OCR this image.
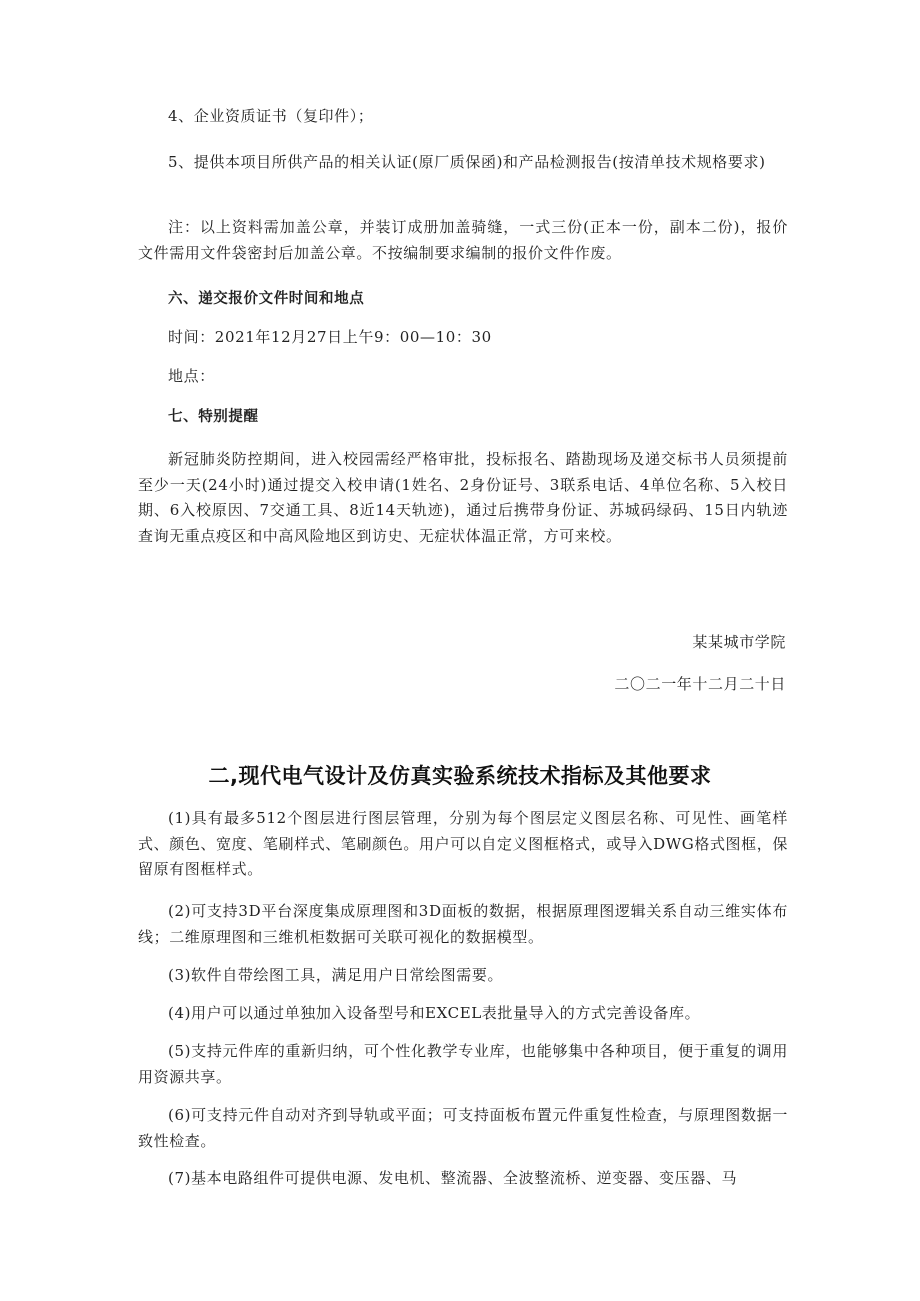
4、企业资质证书（复印件）；

5、提供本项目所供产品的相关认证(原厂质保函)和产品检测报告(按清单技术规格要求)

注：以上资料需加盖公章，并装订成册加盖骑缝，一式三份(正本一份，副本二份)，报价文件需用文件袋密封后加盖公章。不按编制要求编制的报价文件作废。

六、递交报价文件时间和地点

时间：2021年12月27日上午9：00—10：30

地点：

七、特别提醒

新冠肺炎防控期间，进入校园需经严格审批，投标报名、踏勘现场及递交标书人员须提前至少一天(24小时)通过提交入校申请(1姓名、2身份证号、3联系电话、4单位名称、5入校日期、6入校原因、7交通工具、8近14天轨迹)，通过后携带身份证、苏城码绿码、15日内轨迹查询无重点疫区和中高风险地区到访史、无症状体温正常，方可来校。

某某城市学院

二〇二一年十二月二十日

二,现代电气设计及仿真实验系统技术指标及其他要求

(1)具有最多512个图层进行图层管理，分别为每个图层定义图层名称、可见性、画笔样式、颜色、宽度、笔刷样式、笔刷颜色。用户可以自定义图框格式，或导入DWG格式图框，保留原有图框样式。

(2)可支持3D平台深度集成原理图和3D面板的数据，根据原理图逻辑关系自动三维实体布线；二维原理图和三维机柜数据可关联可视化的数据模型。

(3)软件自带绘图工具，满足用户日常绘图需要。

(4)用户可以通过单独加入设备型号和EXCEL表批量导入的方式完善设备库。

(5)支持元件库的重新归纳，可个性化教学专业库，也能够集中各种项目，便于重复的调用用资源共享。

(6)可支持元件自动对齐到导轨或平面；可支持面板布置元件重复性检查，与原理图数据一致性检查。

(7)基本电路组件可提供电源、发电机、整流器、全波整流桥、逆变器、变压器、马
